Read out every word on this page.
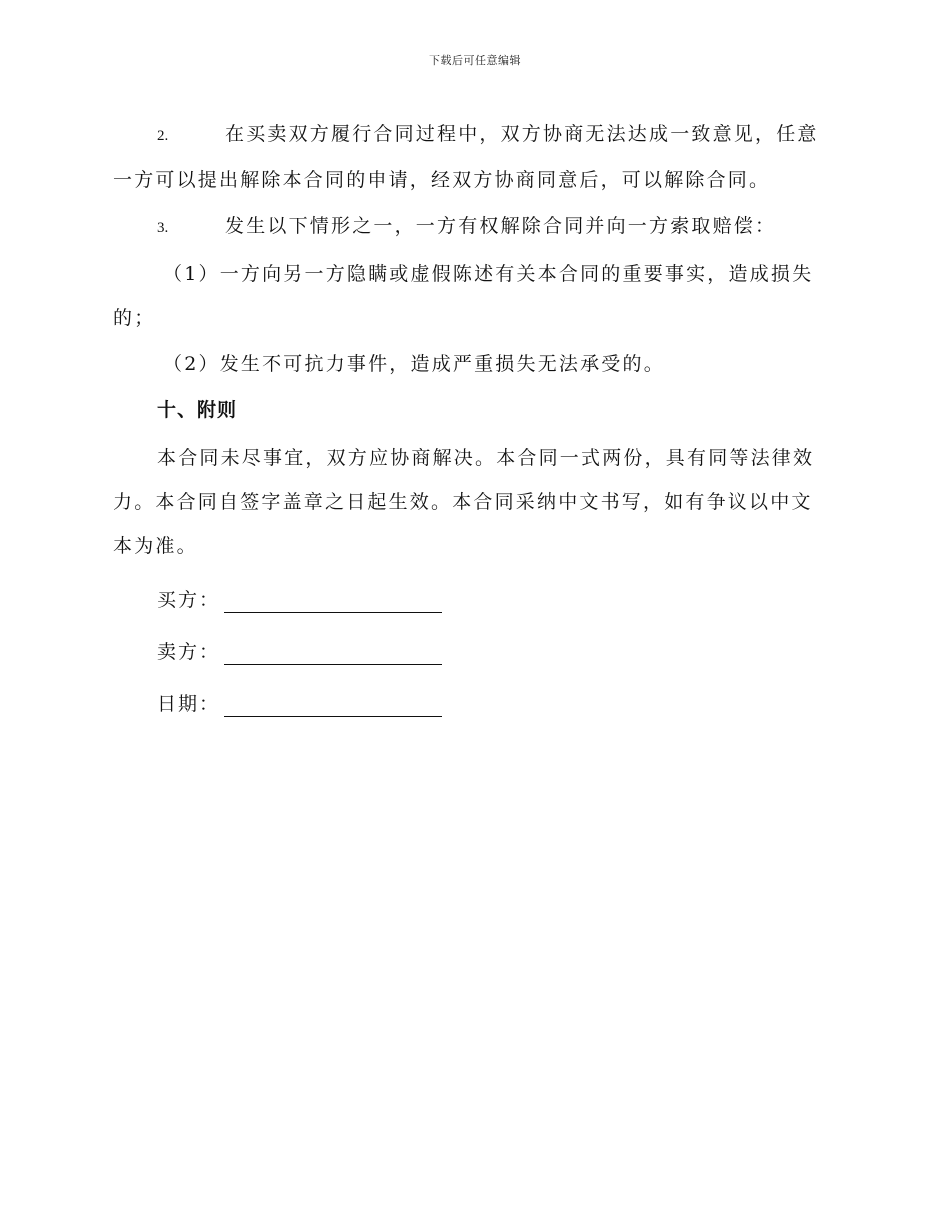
下载后可任意编辑

2.	在买卖双方履行合同过程中，双方协商无法达成一致意见，任意一方可以提出解除本合同的申请，经双方协商同意后，可以解除合同。

3.	发生以下情形之一，一方有权解除合同并向一方索取赔偿：

（1）一方向另一方隐瞒或虚假陈述有关本合同的重要事实，造成损失的；

（2）发生不可抗力事件，造成严重损失无法承受的。

十、附则

本合同未尽事宜，双方应协商解决。本合同一式两份，具有同等法律效力。本合同自签字盖章之日起生效。本合同采纳中文书写，如有争议以中文本为准。

买方：
卖方：
日期：
